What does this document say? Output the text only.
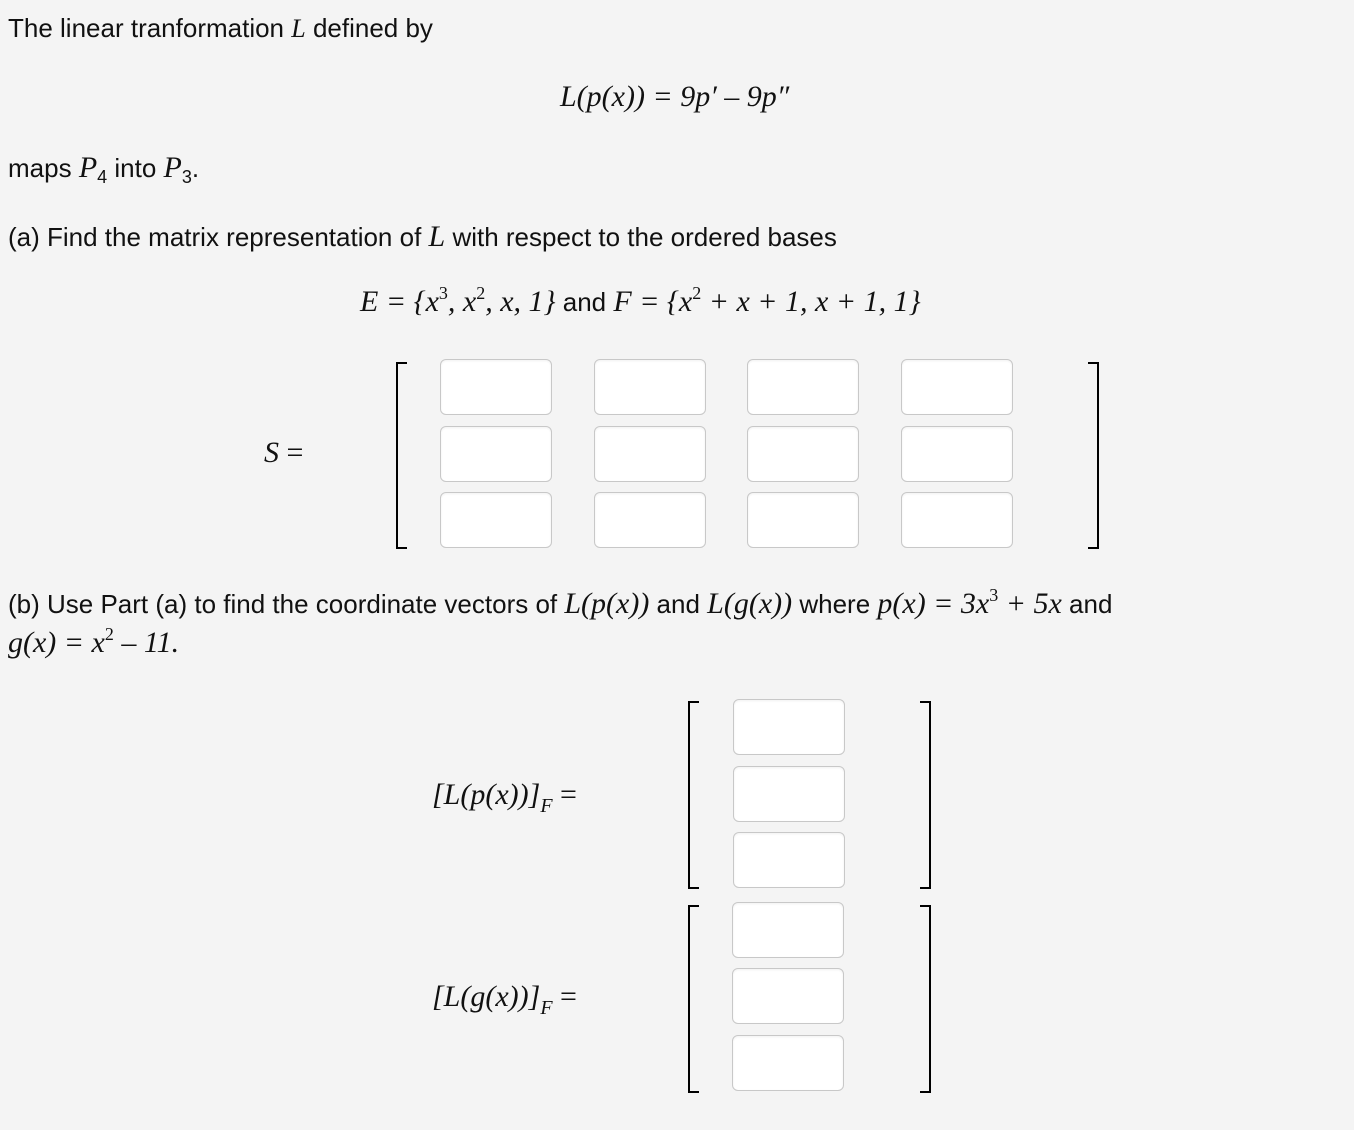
The linear tranformation L defined by
L(p(x)) = 9p′ – 9p″
maps $P_4$ into $P_3$.
(a) Find the matrix representation of L with respect to the ordered bases
$E = \{x^3$, $x^2$, x, 1} and $F = \{x^2 + x + 1$, x + 1, 1}
S =
(b) Use Part (a) to find the coordinate vectors of L(p(x)) and L(g(x)) where $p(x) = 3x^3 + 5x$ and
$g(x) = x^2 - 11$.
$[L(p(x))]_F$ =
$[L(g(x))]_F$ =
